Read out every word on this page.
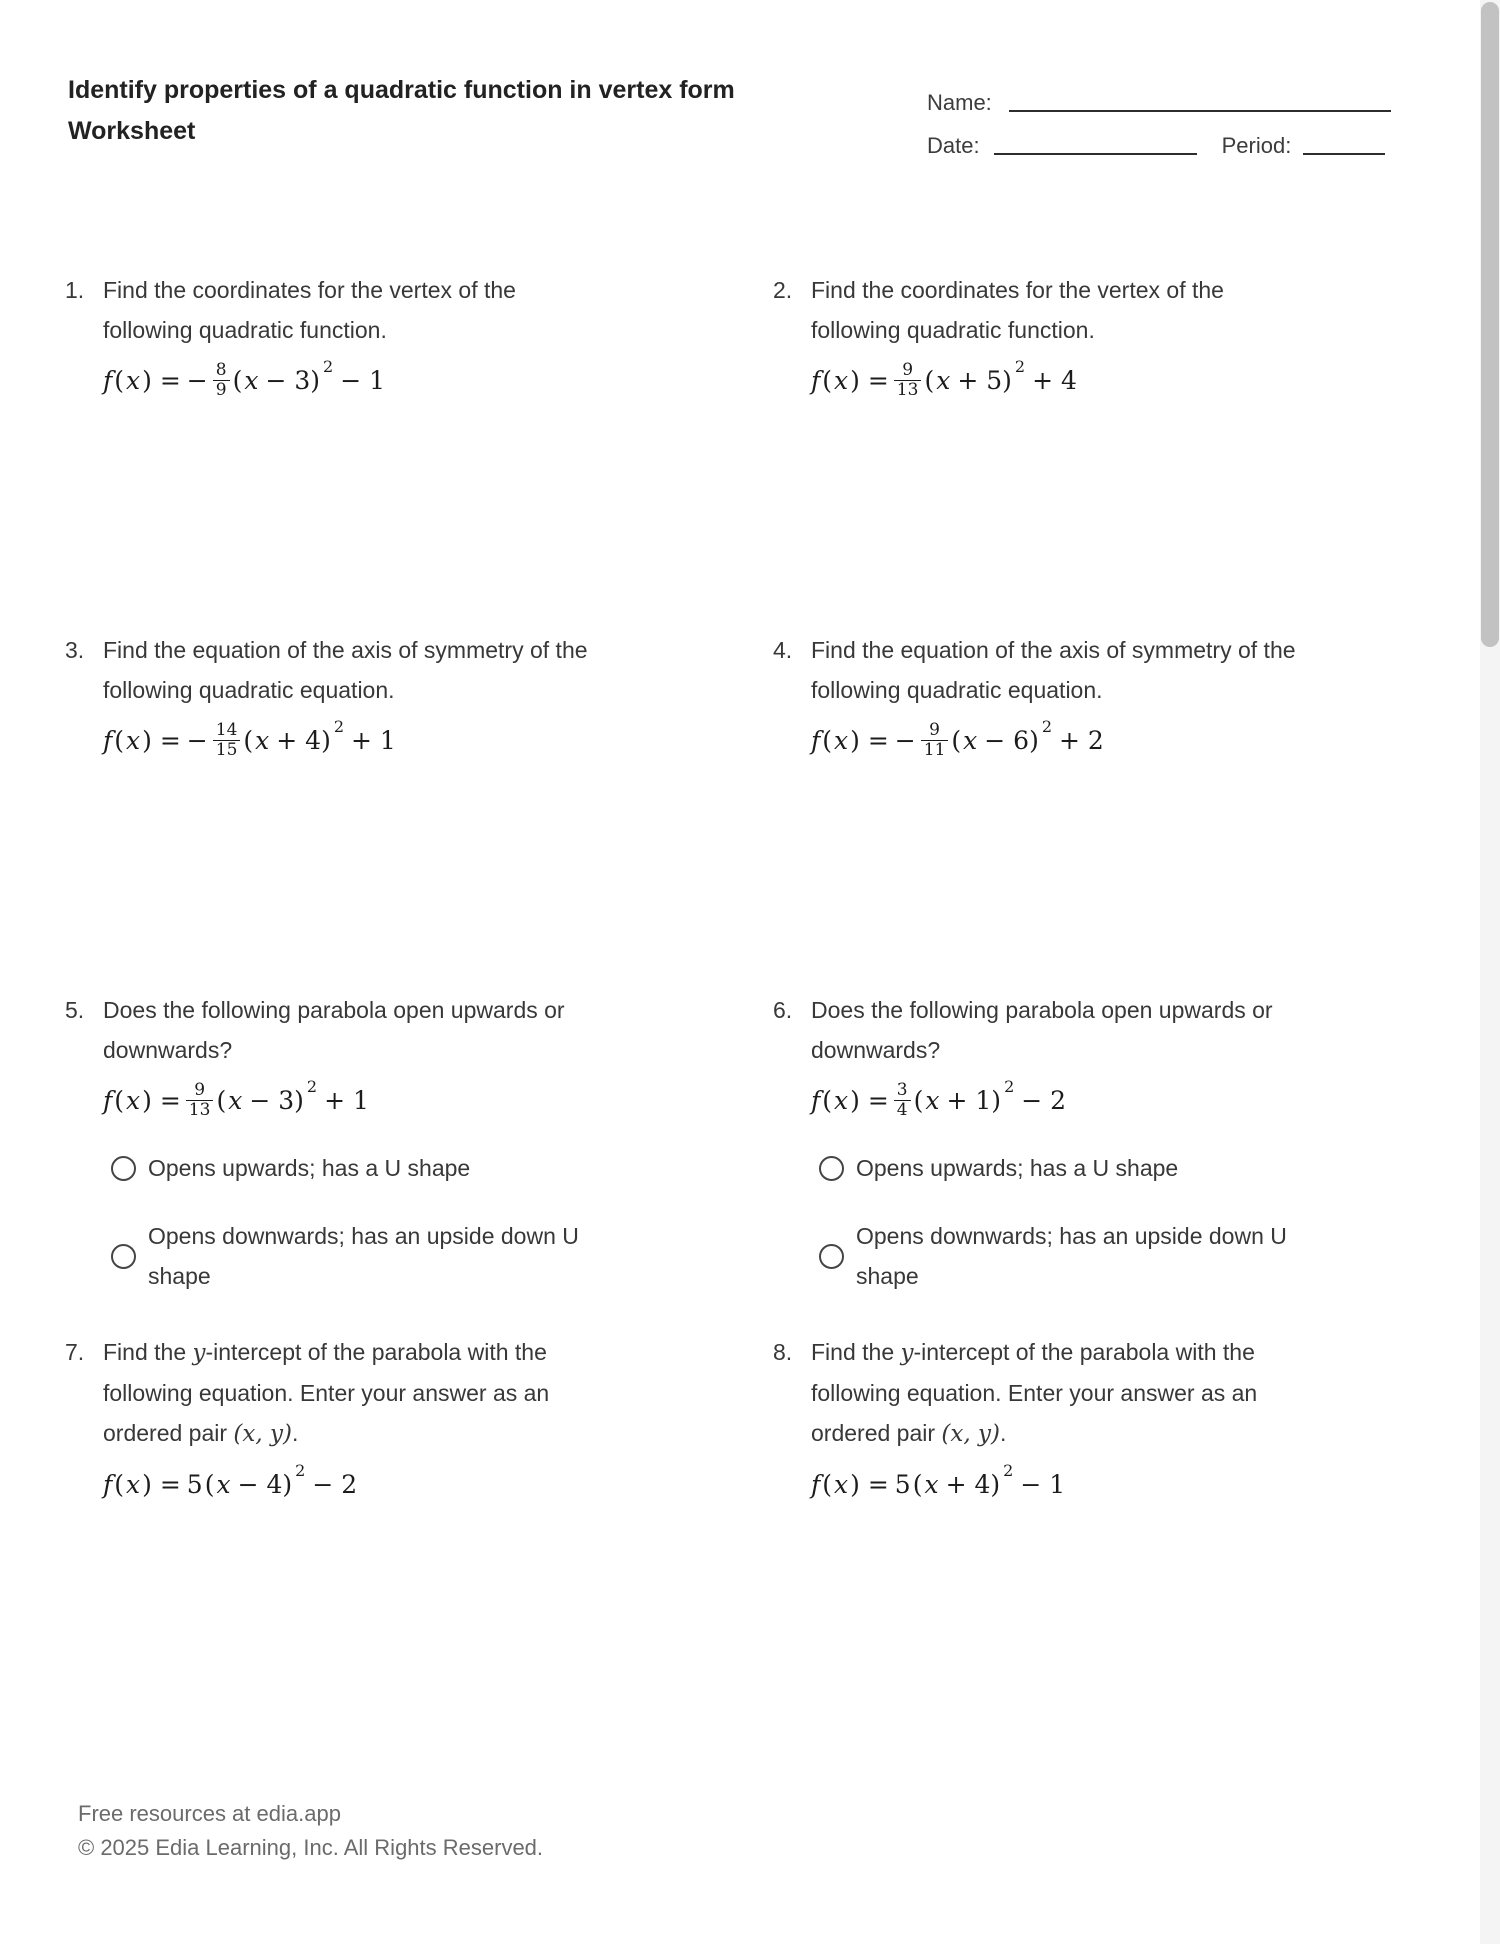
Identify properties of a quadratic function in vertex form
Worksheet
Name:
Date:	Period:
1. Find the coordinates for the vertex of the
following quadratic function.
f ( x ) = − $\frac{8}{9}$ ( x − 3) 2 − 1
2. Find the coordinates for the vertex of the
following quadratic function.
f ( x ) = $\frac{9}{13}$ ( x + 5) 2 + 4
3. Find the equation of the axis of symmetry of the
following quadratic equation.
f ( x ) = − $\frac{14}{15}$ ( x + 4) 2 + 1
4. Find the equation of the axis of symmetry of the
following quadratic equation.
f ( x ) = − $\frac{9}{11}$ ( x − 6) 2 + 2
5. Does the following parabola open upwards or
downwards?
f ( x ) = $\frac{9}{13}$ ( x − 3) 2 + 1
Opens upwards; has a U shape
Opens downwards; has an upside down U
shape
6. Does the following parabola open upwards or
downwards?
f ( x ) = $\frac{3}{4}$ ( x + 1) 2 − 2
Opens upwards; has a U shape
Opens downwards; has an upside down U
shape
7. Find the y-intercept of the parabola with the
following equation. Enter your answer as an
ordered pair (x, y).
f ( x ) = 5 ( x − 4) 2 − 2
8. Find the y-intercept of the parabola with the
following equation. Enter your answer as an
ordered pair (x, y).
f ( x ) = 5 ( x + 4) 2 − 1
Free resources at edia.app
© 2025 Edia Learning, Inc. All Rights Reserved.
